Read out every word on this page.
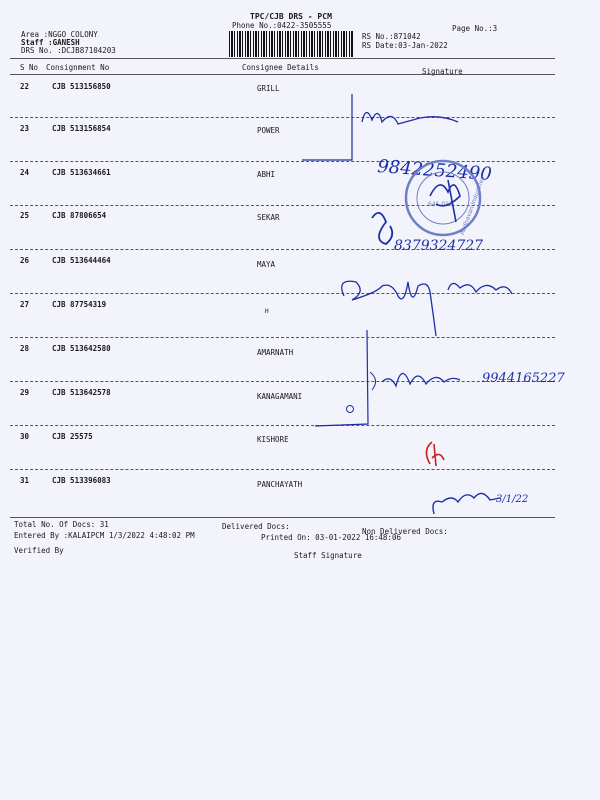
TPC/CJB DRS - PCM
Phone No.:0422-3505555
Area :NGGO COLONY
Staff :GANESH
DRS No. :DCJB87104203
RS No.:871042
RS Date:03-Jan-2022
Page No.:3
S No Consignment No	Consignee Details	Signature
22	CJB 513156850	GRILL
23	CJB 513156854	POWER
24	CJB 513634661	ABHI
25	CJB 87806654	SEKAR
26	CJB 513644464	MAYA
27	CJB 87754319
H
28	CJB 513642580	AMARNATH
29	CJB 513642578	KANAGAMANI
30	CJB 25575	KISHORE
31	CJB 513396083	PANCHAYATH
Total No. Of Docs: 31	Delivered Docs:
Non Delivered Docs:
Entered By :KALAIPCM 1/3/2022 4:48:02 PM	Printed On: 03-01-2022 16:48:06
Verified By
Staff Signature
9842252490
Aadhavan Industries
641 017
8379324727
9944165227
3/1/22
